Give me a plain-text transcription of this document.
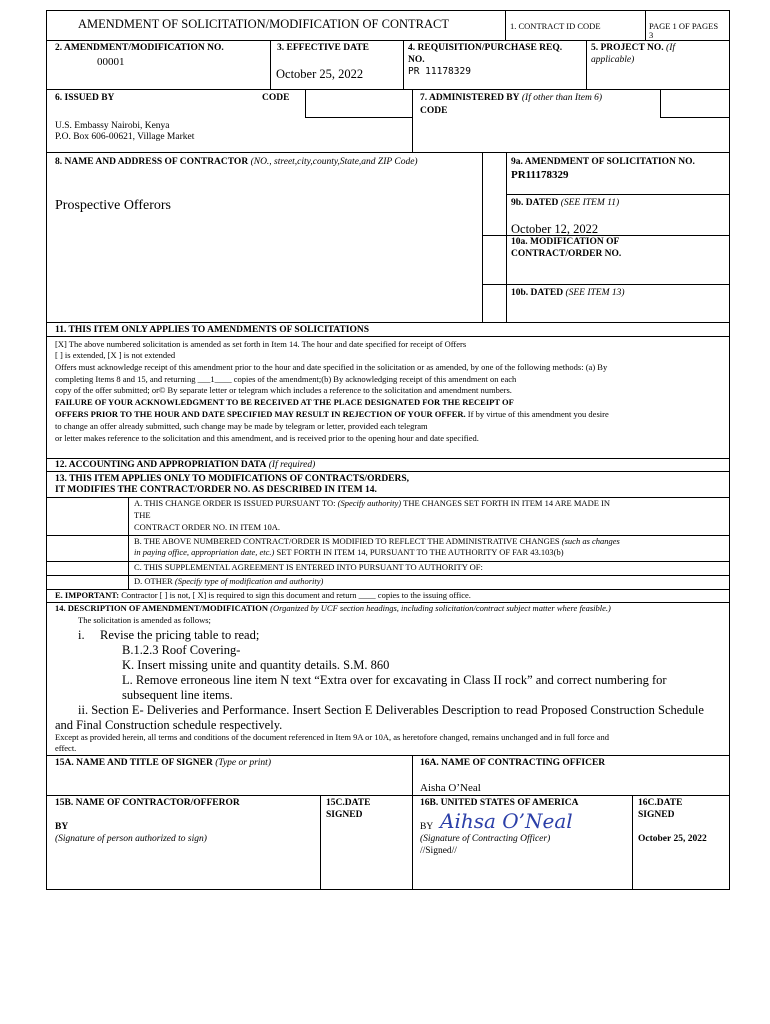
AMENDMENT OF SOLICITATION/MODIFICATION OF CONTRACT	1. CONTRACT ID CODE	PAGE 1 OF PAGES
3
2. AMENDMENT/MODIFICATION NO.
00001
3. EFFECTIVE DATE
October 25, 2022
4. REQUISITION/PURCHASE REQ.
NO.
PR 11178329
5. PROJECT NO. (If
applicable)
6. ISSUED BY	CODE
U.S. Embassy Nairobi, Kenya
P.O. Box 606-00621, Village Market
7. ADMINISTERED BY (If other than Item 6)
CODE
8. NAME AND ADDRESS OF CONTRACTOR (NO., street,city,county,State,and ZIP Code)
Prospective Offerors
9a. AMENDMENT OF SOLICITATION NO.
PR11178329
9b. DATED (SEE ITEM 11)
October 12, 2022
10a. MODIFICATION OF
CONTRACT/ORDER NO.
10b. DATED (SEE ITEM 13)
11. THIS ITEM ONLY APPLIES TO AMENDMENTS OF SOLICITATIONS
[X] The above numbered solicitation is amended as set forth in Item 14. The hour and date specified for receipt of Offers
[ ] is extended, [X ] is not extended
Offers must acknowledge receipt of this amendment prior to the hour and date specified in the solicitation or as amended, by one of the following methods: (a) By
completing Items 8 and 15, and returning ___1____ copies of the amendment;(b) By acknowledging receipt of this amendment on each
copy of the offer submitted; or© By separate letter or telegram which includes a reference to the solicitation and amendment numbers.
FAILURE OF YOUR ACKNOWLEDGMENT TO BE RECEIVED AT THE PLACE DESIGNATED FOR THE RECEIPT OF
OFFERS PRIOR TO THE HOUR AND DATE SPECIFIED MAY RESULT IN REJECTION OF YOUR OFFER. If by virtue of this amendment you desire
to change an offer already submitted, such change may be made by telegram or letter, provided each telegram
or letter makes reference to the solicitation and this amendment, and is received prior to the opening hour and date specified.
12. ACCOUNTING AND APPROPRIATION DATA (If required)
13. THIS ITEM APPLIES ONLY TO MODIFICATIONS OF CONTRACTS/ORDERS,
IT MODIFIES THE CONTRACT/ORDER NO. AS DESCRIBED IN ITEM 14.
A. THIS CHANGE ORDER IS ISSUED PURSUANT TO: (Specify authority) THE CHANGES SET FORTH IN ITEM 14 ARE MADE IN
THE
CONTRACT ORDER NO. IN ITEM 10A.
B. THE ABOVE NUMBERED CONTRACT/ORDER IS MODIFIED TO REFLECT THE ADMINISTRATIVE CHANGES (such as changes
in paying office, appropriation date, etc.) SET FORTH IN ITEM 14, PURSUANT TO THE AUTHORITY OF FAR 43.103(b)
C. THIS SUPPLEMENTAL AGREEMENT IS ENTERED INTO PURSUANT TO AUTHORITY OF:
D. OTHER (Specify type of modification and authority)
E. IMPORTANT: Contractor [ ] is not, [ X] is required to sign this document and return ____ copies to the issuing office.
14. DESCRIPTION OF AMENDMENT/MODIFICATION (Organized by UCF section headings, including solicitation/contract subject matter where feasible.)
The solicitation is amended as follows;
i. Revise the pricing table to read;
B.1.2.3 Roof Covering-
K. Insert missing unite and quantity details. S.M. 860
L. Remove erroneous line item N text “Extra over for excavating in Class II rock” and correct numbering for
subsequent line items.
ii. Section E- Deliveries and Performance. Insert Section E Deliverables Description to read Proposed Construction Schedule
and Final Construction schedule respectively.
Except as provided herein, all terms and conditions of the document referenced in Item 9A or 10A, as heretofore changed, remains unchanged and in full force and
effect.
15A. NAME AND TITLE OF SIGNER (Type or print)	16A. NAME OF CONTRACTING OFFICER
Aisha O’Neal
15B. NAME OF CONTRACTOR/OFFEROR	15C.DATE
SIGNED
16B. UNITED STATES OF AMERICA	16C.DATE
SIGNED
BY
(Signature of person authorized to sign)
BY Aihsa O’Neal
(Signature of Contracting Officer)
//Signed//
October 25, 2022
